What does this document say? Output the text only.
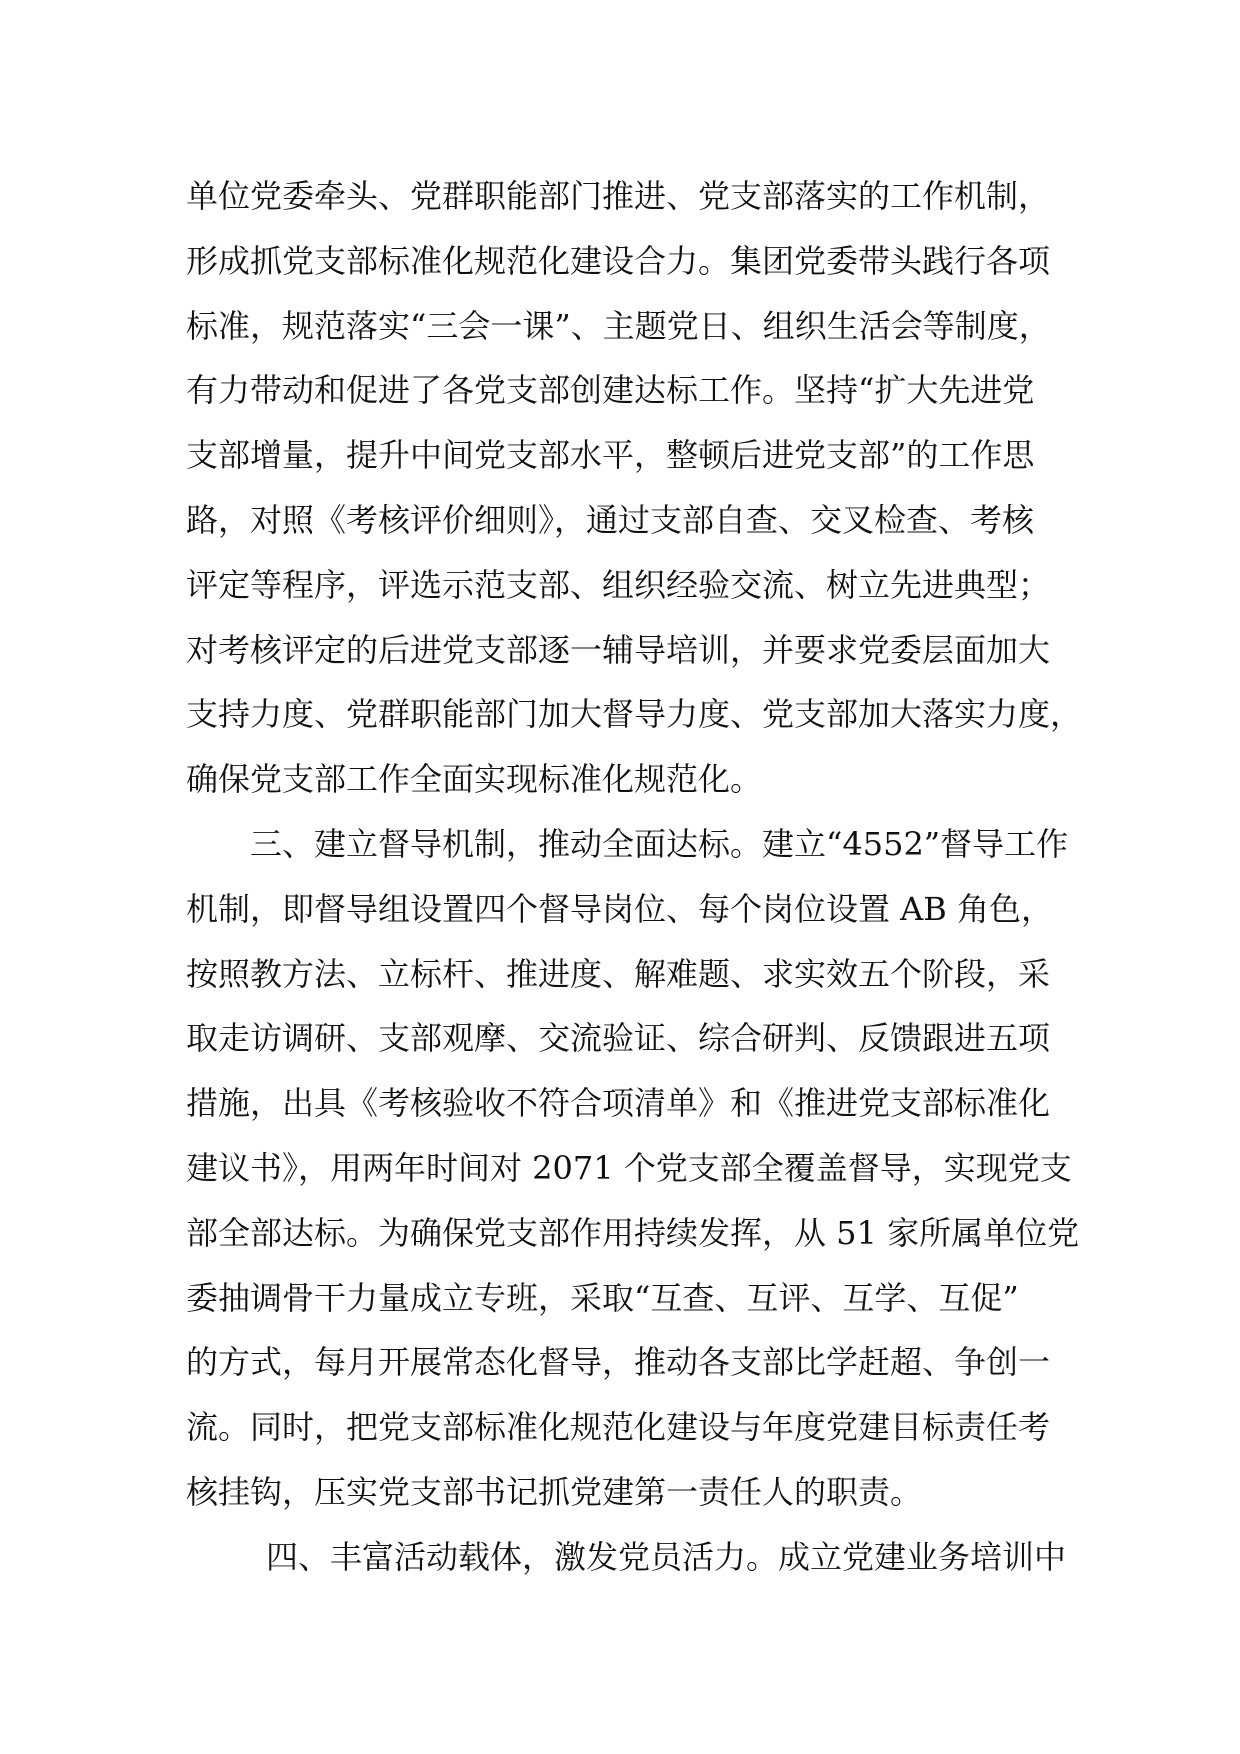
单位党委牵头、党群职能部门推进、党支部落实的工作机制，
形成抓党支部标准化规范化建设合力。集团党委带头践行各项
标准，规范落实“三会一课”、主题党日、组织生活会等制度，
有力带动和促进了各党支部创建达标工作。坚持“扩大先进党
支部增量，提升中间党支部水平，整顿后进党支部”的工作思
路，对照《考核评价细则》，通过支部自查、交叉检查、考核
评定等程序，评选示范支部、组织经验交流、树立先进典型；
对考核评定的后进党支部逐一辅导培训，并要求党委层面加大
支持力度、党群职能部门加大督导力度、党支部加大落实力度，
确保党支部工作全面实现标准化规范化。
三、建立督导机制，推动全面达标。建立“4552”督导工作
机制，即督导组设置四个督导岗位、每个岗位设置 AB 角色，
按照教方法、立标杆、推进度、解难题、求实效五个阶段，采
取走访调研、支部观摩、交流验证、综合研判、反馈跟进五项
措施，出具《考核验收不符合项清单》和《推进党支部标准化
建议书》，用两年时间对 2071 个党支部全覆盖督导，实现党支
部全部达标。为确保党支部作用持续发挥，从 51 家所属单位党
委抽调骨干力量成立专班，采取“互查、互评、互学、互促”
的方式，每月开展常态化督导，推动各支部比学赶超、争创一
流。同时，把党支部标准化规范化建设与年度党建目标责任考
核挂钩，压实党支部书记抓党建第一责任人的职责。
四、丰富活动载体，激发党员活力。成立党建业务培训中
